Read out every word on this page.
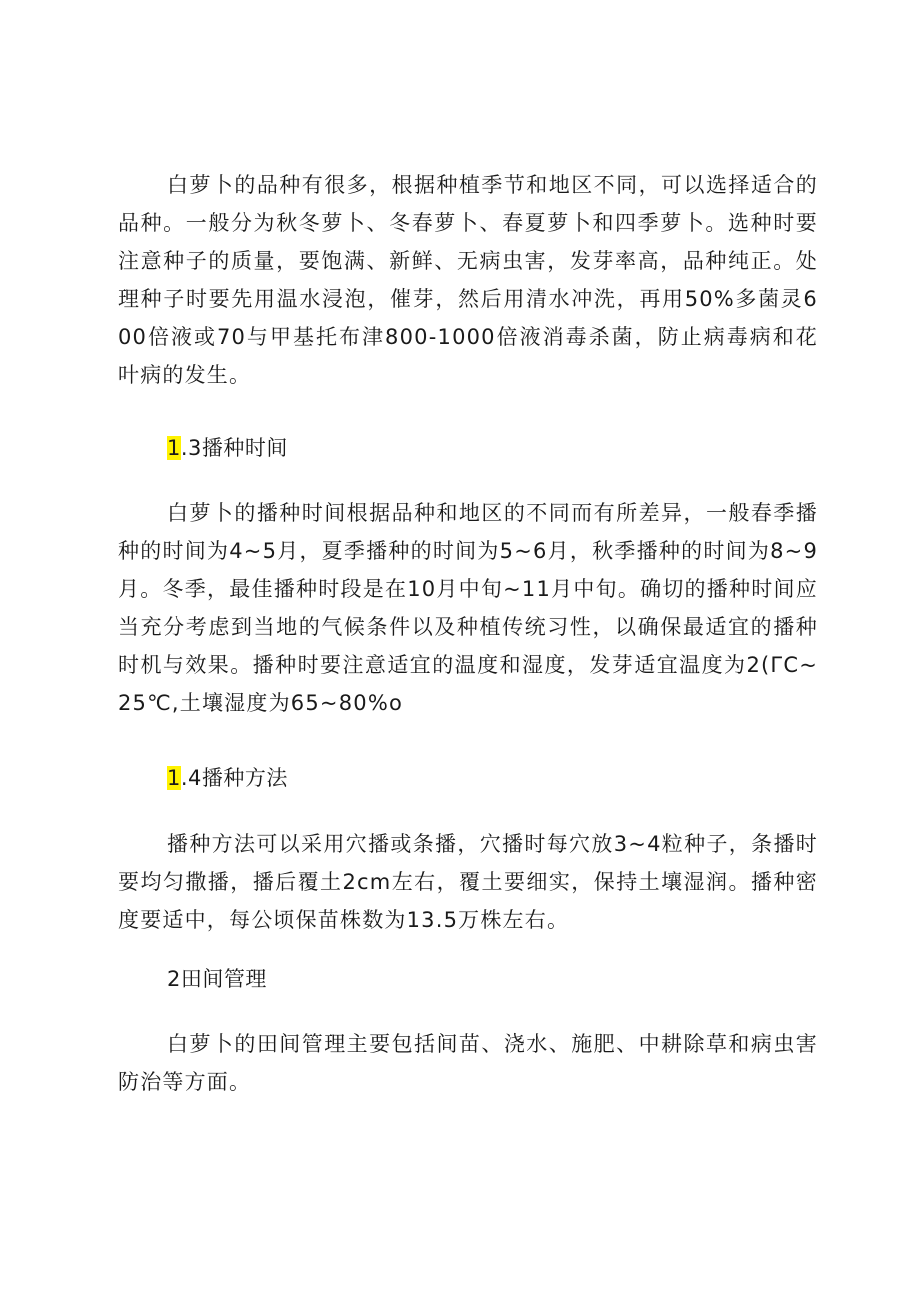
白萝卜的品种有很多，根据种植季节和地区不同，可以选择适合的品种。一般分为秋冬萝卜、冬春萝卜、春夏萝卜和四季萝卜。选种时要注意种子的质量，要饱满、新鲜、无病虫害，发芽率高，品种纯正。处理种子时要先用温水浸泡，催芽，然后用清水冲洗，再用50%多菌灵600倍液或70与甲基托布津800-1000倍液消毒杀菌，防止病毒病和花叶病的发生。

1.3播种时间

白萝卜的播种时间根据品种和地区的不同而有所差异，一般春季播种的时间为4~5月，夏季播种的时间为5~6月，秋季播种的时间为8~9月。冬季，最佳播种时段是在10月中旬~11月中旬。确切的播种时间应当充分考虑到当地的气候条件以及种植传统习性，以确保最适宜的播种时机与效果。播种时要注意适宜的温度和湿度，发芽适宜温度为2(ΓC~25℃,土壤湿度为65~80%o

1.4播种方法

播种方法可以采用穴播或条播，穴播时每穴放3~4粒种子，条播时要均匀撒播，播后覆土2cm左右，覆土要细实，保持土壤湿润。播种密度要适中，每公顷保苗株数为13.5万株左右。

2田间管理

白萝卜的田间管理主要包括间苗、浇水、施肥、中耕除草和病虫害防治等方面。
